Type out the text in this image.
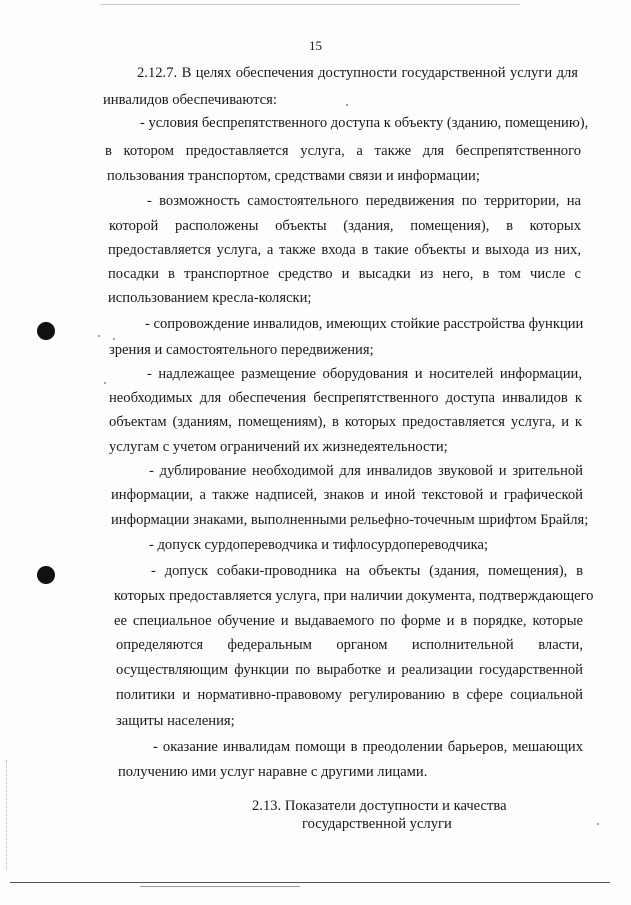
15
2.12.7. В целях обеспечения доступности государственной услуги для
инвалидов обеспечиваются:
- условия беспрепятственного доступа к объекту (зданию, помещению),
в котором предоставляется услуга, а также для беспрепятственного
пользования транспортом, средствами связи и информации;
- возможность самостоятельного передвижения по территории, на
которой расположены объекты (здания, помещения), в которых
предоставляется услуга, а также входа в такие объекты и выхода из них,
посадки в транспортное средство и высадки из него, в том числе с
использованием кресла-коляски;
- сопровождение инвалидов, имеющих стойкие расстройства функции
зрения и самостоятельного передвижения;
- надлежащее размещение оборудования и носителей информации,
необходимых для обеспечения беспрепятственного доступа инвалидов к
объектам (зданиям, помещениям), в которых предоставляется услуга, и к
услугам с учетом ограничений их жизнедеятельности;
- дублирование необходимой для инвалидов звуковой и зрительной
информации, а также надписей, знаков и иной текстовой и графической
информации знаками, выполненными рельефно-точечным шрифтом Брайля;
- допуск сурдопереводчика и тифлосурдопереводчика;
- допуск собаки-проводника на объекты (здания, помещения), в
которых предоставляется услуга, при наличии документа, подтверждающего
ее специальное обучение и выдаваемого по форме и в порядке, которые
определяются федеральным органом исполнительной власти,
осуществляющим функции по выработке и реализации государственной
политики и нормативно-правовому регулированию в сфере социальной
защиты населения;
- оказание инвалидам помощи в преодолении барьеров, мешающих
получению ими услуг наравне с другими лицами.
2.13. Показатели доступности и качества
государственной услуги
